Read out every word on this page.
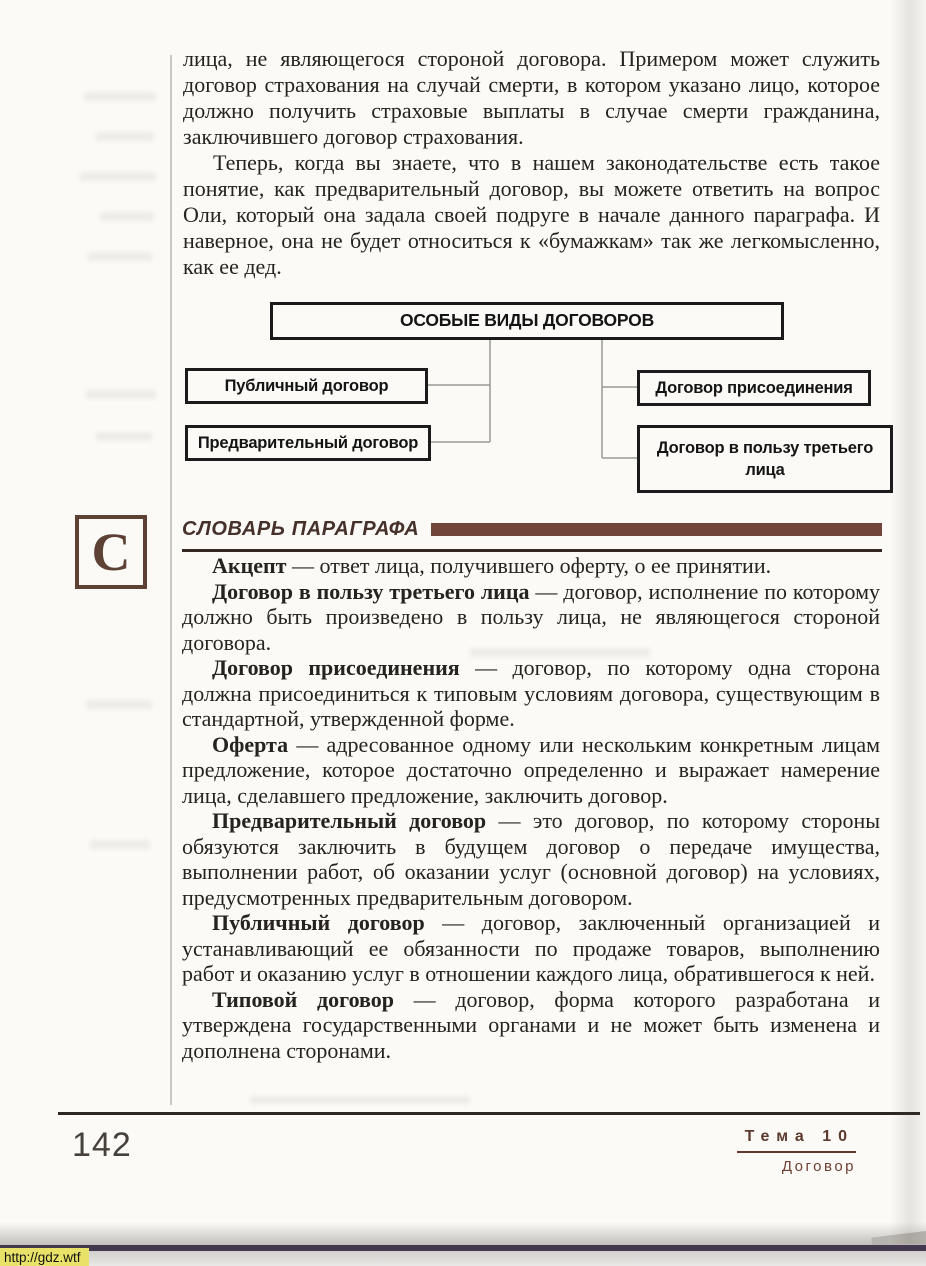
лица, не являющегося стороной договора. Примером может служить договор страхования на случай смерти, в котором указано лицо, которое должно получить страховые выплаты в случае смерти гражданина, заключившего договор страхования.

Теперь, когда вы знаете, что в нашем законодательстве есть такое понятие, как предварительный договор, вы можете ответить на вопрос Оли, который она задала своей подруге в начале данного параграфа. И наверное, она не будет относиться к «бумажкам» так же легкомысленно, как ее дед.

ОСОБЫЕ ВИДЫ ДОГОВОРОВ
Публичный договор
Предварительный договор
Договор присоединения
Договор в пользу третьего лица
С	СЛОВАРЬ ПАРАГРАФА

Акцепт — ответ лица, получившего оферту, о ее принятии.

Договор в пользу третьего лица — договор, исполнение по которому должно быть произведено в пользу лица, не являющегося стороной договора.

Договор присоединения — договор, по которому одна сторона должна присоединиться к типовым условиям договора, существующим в стандартной, утвержденной форме.

Оферта — адресованное одному или нескольким конкретным лицам предложение, которое достаточно определенно и выражает намерение лица, сделавшего предложение, заключить договор.

Предварительный договор — это договор, по которому стороны обязуются заключить в будущем договор о передаче имущества, выполнении работ, об оказании услуг (основной договор) на условиях, предусмотренных предварительным договором.

Публичный договор — договор, заключенный организацией и устанавливающий ее обязанности по продаже товаров, выполнению работ и оказанию услуг в отношении каждого лица, обратившегося к ней.

Типовой договор — договор, форма которого разработана и утверждена государственными органами и не может быть изменена и дополнена сторонами.

142	Тема 10
Договор
http://gdz.wtf
